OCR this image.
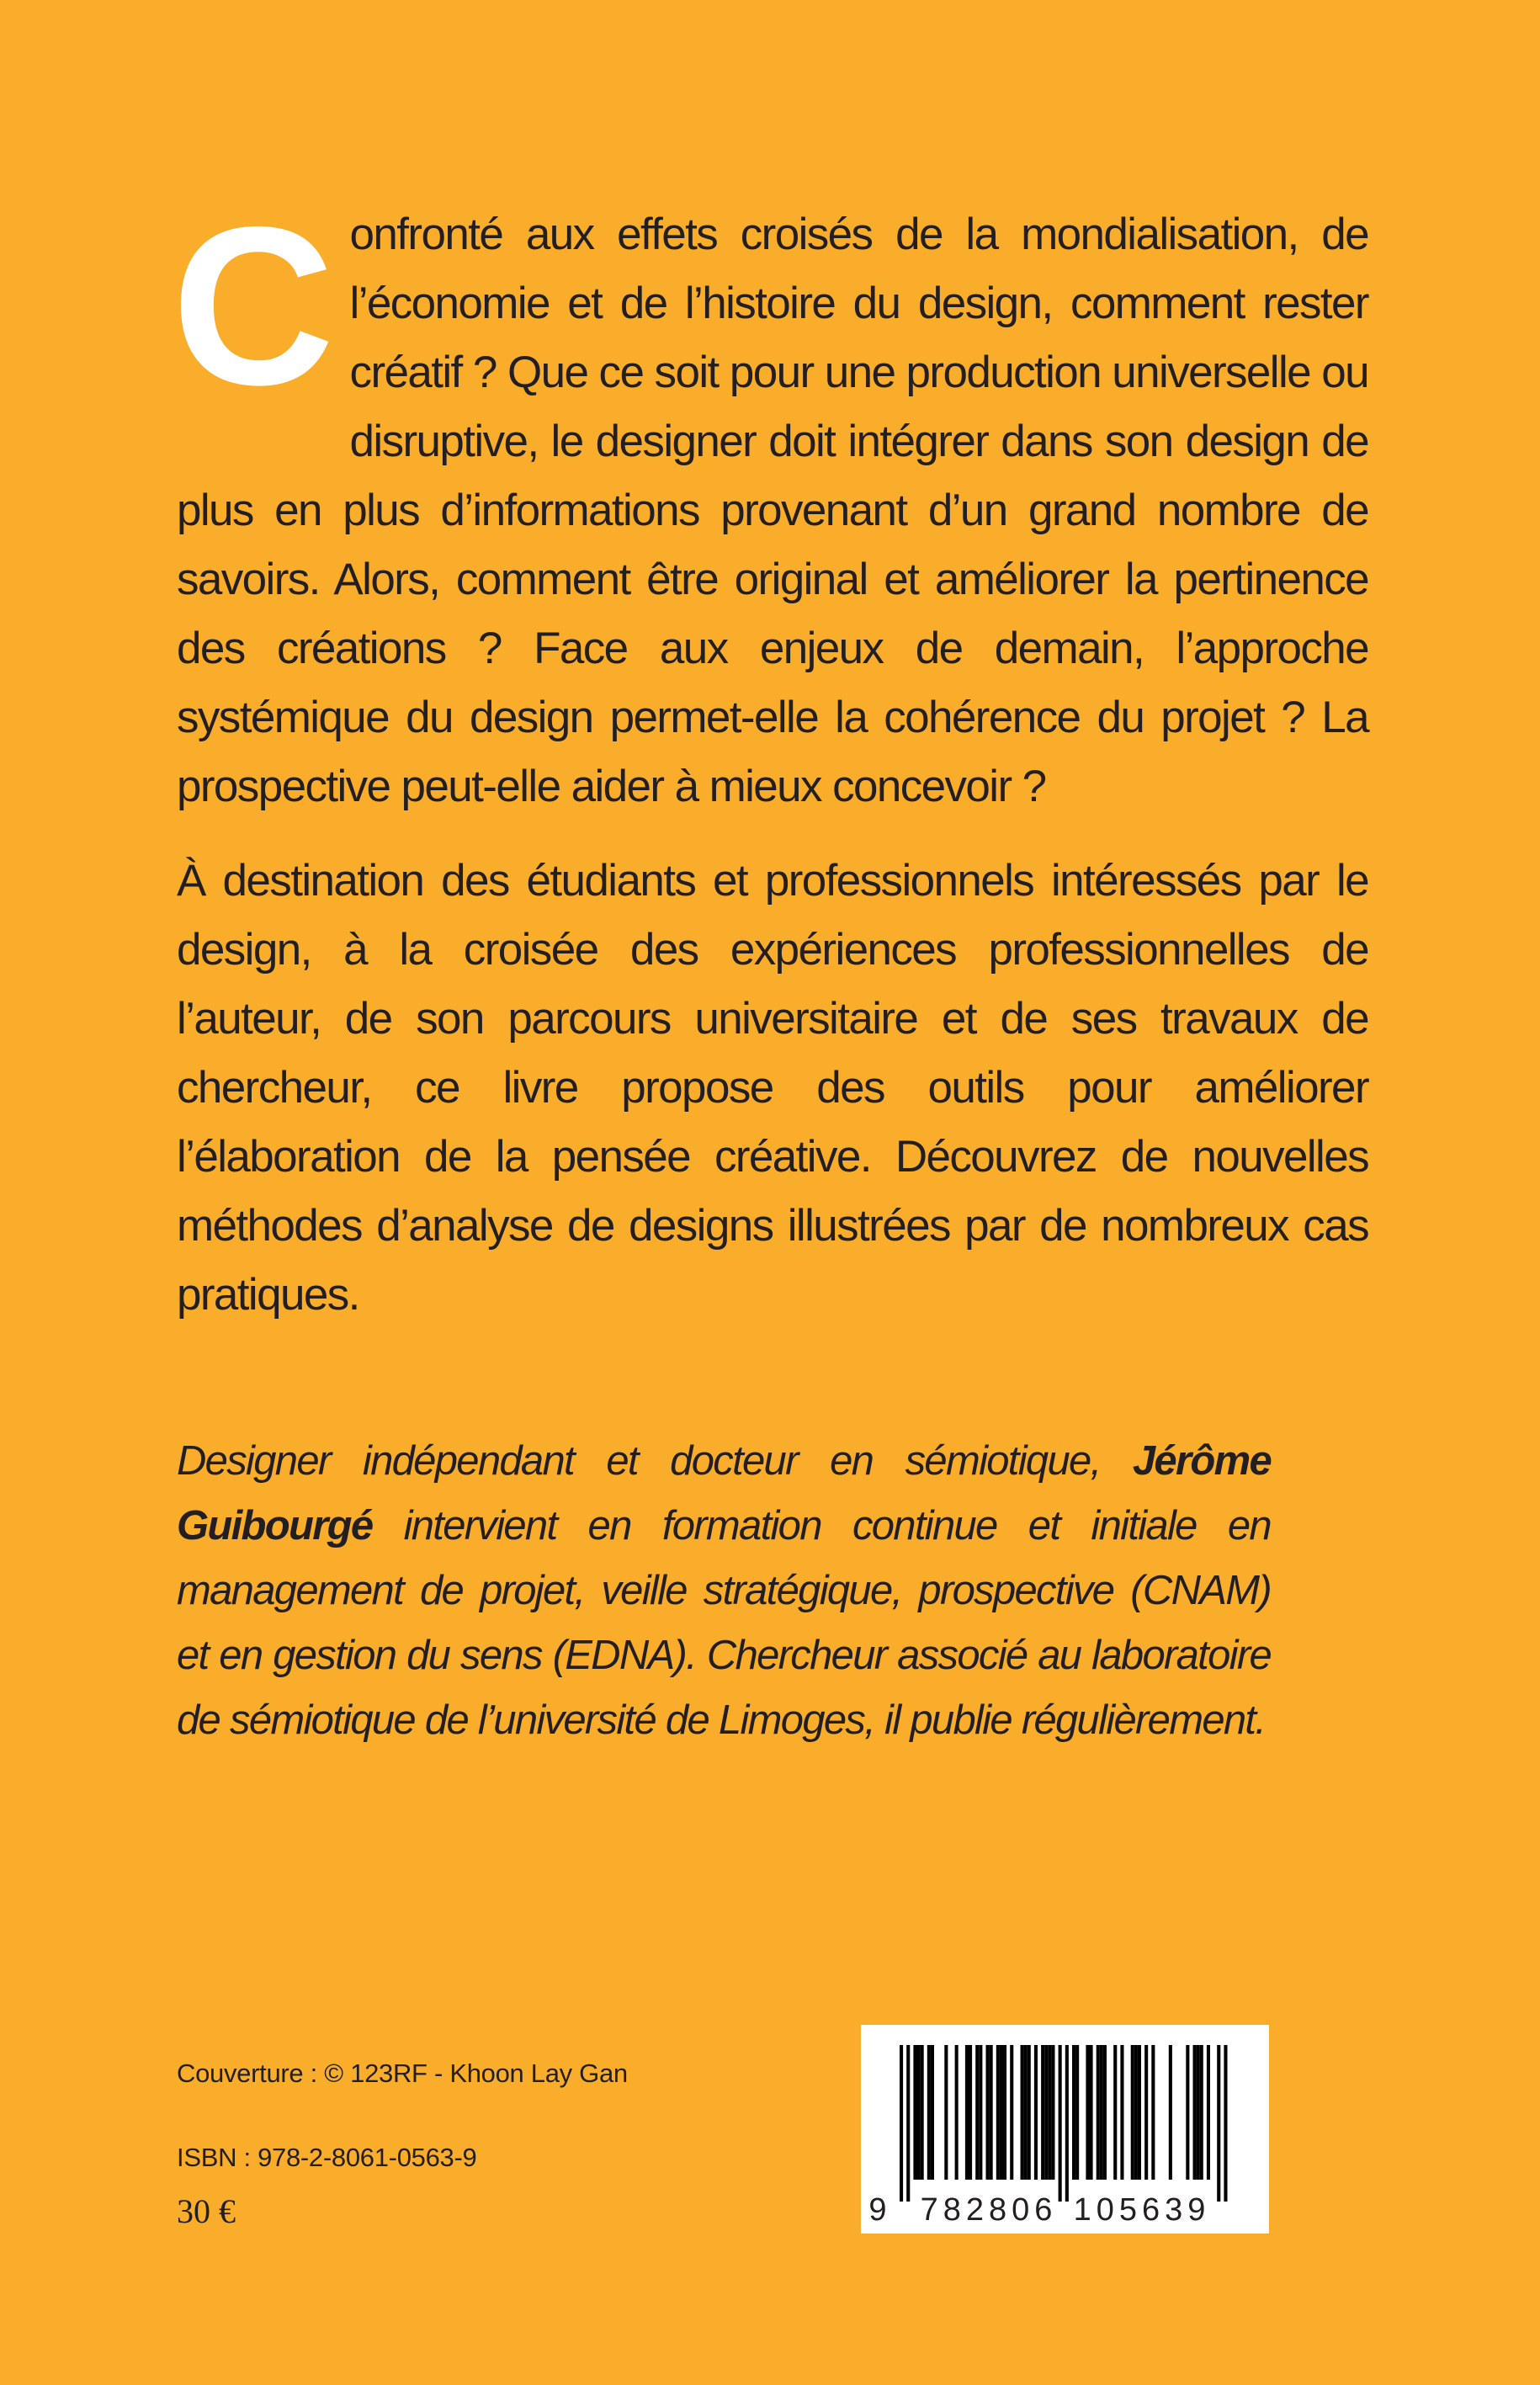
Confronté aux effets croisés de la mondialisation, de l’économie et de l’histoire du design, comment rester créatif ? Que ce soit pour une production universelle ou disruptive, le designer doit intégrer dans son design de plus en plus d’informations provenant d’un grand nombre de savoirs. Alors, comment être original et améliorer la pertinence des créations ? Face aux enjeux de demain, l’approche systémique du design permet-elle la cohérence du projet ? La prospective peut-elle aider à mieux concevoir ?

À destination des étudiants et professionnels intéressés par le design, à la croisée des expériences professionnelles de l’auteur, de son parcours universitaire et de ses travaux de chercheur, ce livre propose des outils pour améliorer l’élaboration de la pensée créative. Découvrez de nouvelles méthodes d’analyse de designs illustrées par de nombreux cas pratiques.

Designer indépendant et docteur en sémiotique, Jérôme Guibourgé intervient en formation continue et initiale en management de projet, veille stratégique, prospective (CNAM) et en gestion du sens (EDNA). Chercheur associé au laboratoire de sémiotique de l’université de Limoges, il publie régulièrement.

Couverture : © 123RF - Khoon Lay Gan
ISBN : 978-2-8061-0563-9
30 €	9 782806 105639
